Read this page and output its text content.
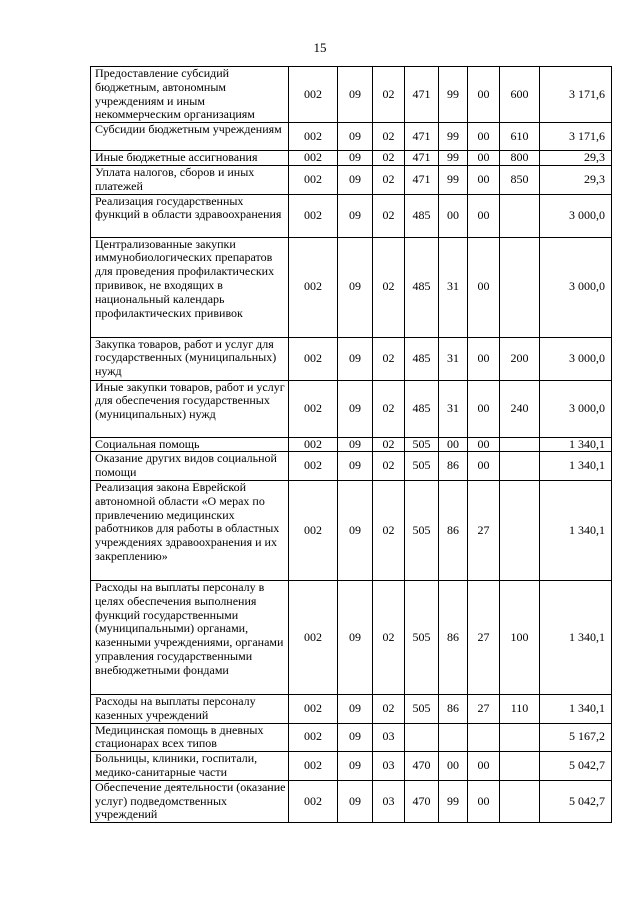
15
Предоставление субсидий бюджетным, автономным учреждениям и иным некоммерческим организациям	002	09	02	471	99	00	600	3 171,6
Субсидии бюджетным учреждениям	002	09	02	471	99	00	610	3 171,6
Иные бюджетные ассигнования	002	09	02	471	99	00	800	29,3
Уплата налогов, сборов и иных платежей	002	09	02	471	99	00	850	29,3
Реализация государственных функций в области здравоохранения	002	09	02	485	00	00		3 000,0
Централизованные закупки иммунобиологических препаратов для проведения профилактических прививок, не входящих в национальный календарь профилактических прививок	002	09	02	485	31	00		3 000,0
Закупка товаров, работ и услуг для государственных (муниципальных) нужд	002	09	02	485	31	00	200	3 000,0
Иные закупки товаров, работ и услуг для обеспечения государственных (муниципальных) нужд	002	09	02	485	31	00	240	3 000,0
Социальная помощь	002	09	02	505	00	00		1 340,1
Оказание других видов социальной помощи	002	09	02	505	86	00		1 340,1
Реализация закона Еврейской автономной области «О мерах по привлечению медицинских работников для работы в областных учреждениях здравоохранения и их закреплению»	002	09	02	505	86	27		1 340,1
Расходы на выплаты персоналу в целях обеспечения выполнения функций государственными (муниципальными) органами, казенными учреждениями, органами управления государственными внебюджетными фондами	002	09	02	505	86	27	100	1 340,1
Расходы на выплаты персоналу казенных учреждений	002	09	02	505	86	27	110	1 340,1
Медицинская помощь в дневных стационарах всех типов	002	09	03					5 167,2
Больницы, клиники, госпитали, медико-санитарные части	002	09	03	470	00	00		5 042,7
Обеспечение деятельности (оказание услуг) подведомственных учреждений	002	09	03	470	99	00		5 042,7
